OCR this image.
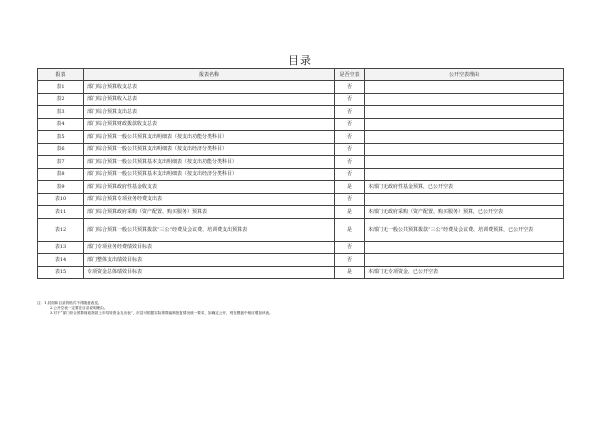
目录
报表	报表名称	是否空表	公开空表理由
表1	部门综合预算收支总表	否	
表2	部门综合预算收入总表	否	
表3	部门综合预算支出总表	否	
表4	部门综合预算财政拨款收支总表	否	
表5	部门综合预算一般公共预算支出明细表（按支出功能分类科目）	否	
表6	部门综合预算一般公共预算支出明细表（按支出经济分类科目）	否	
表7	部门综合预算一般公共预算基本支出明细表（按支出功能分类科目）	否	
表8	部门综合预算一般公共预算基本支出明细表（按支出经济分类科目）	否	
表9	部门综合预算政府性基金收支表	是	本部门无政府性基金预算，已公开空表
表10	部门综合预算专项业务经费支出表	否	
表11	部门综合预算政府采购（资产配置、购买服务）预算表	是	本部门无政府采购（资产配置、购买服务）预算，已公开空表
表12	部门综合预算一般公共预算拨款“三公”经费及会议费、培训费支出预算表	是	本部门无一般公共预算拨款“三公”经费及会议费、培训费预算，已公开空表
表13	部门专项业务经费绩效目标表	否	
表14	部门整体支出绩效目标表	否	
表15	专项资金总体绩效目标表	是	本部门无专项资金，已公开空表
注：1.封面和目录的格式不得随意改变。
2.公开空表一定要在目录说明理由。
3.对于“部门综合预算财政拨款上年结转资金支出表”，市县可根据实际预算编制批复情况统一要求，如确定公开，则在模板中相应增加该表。
